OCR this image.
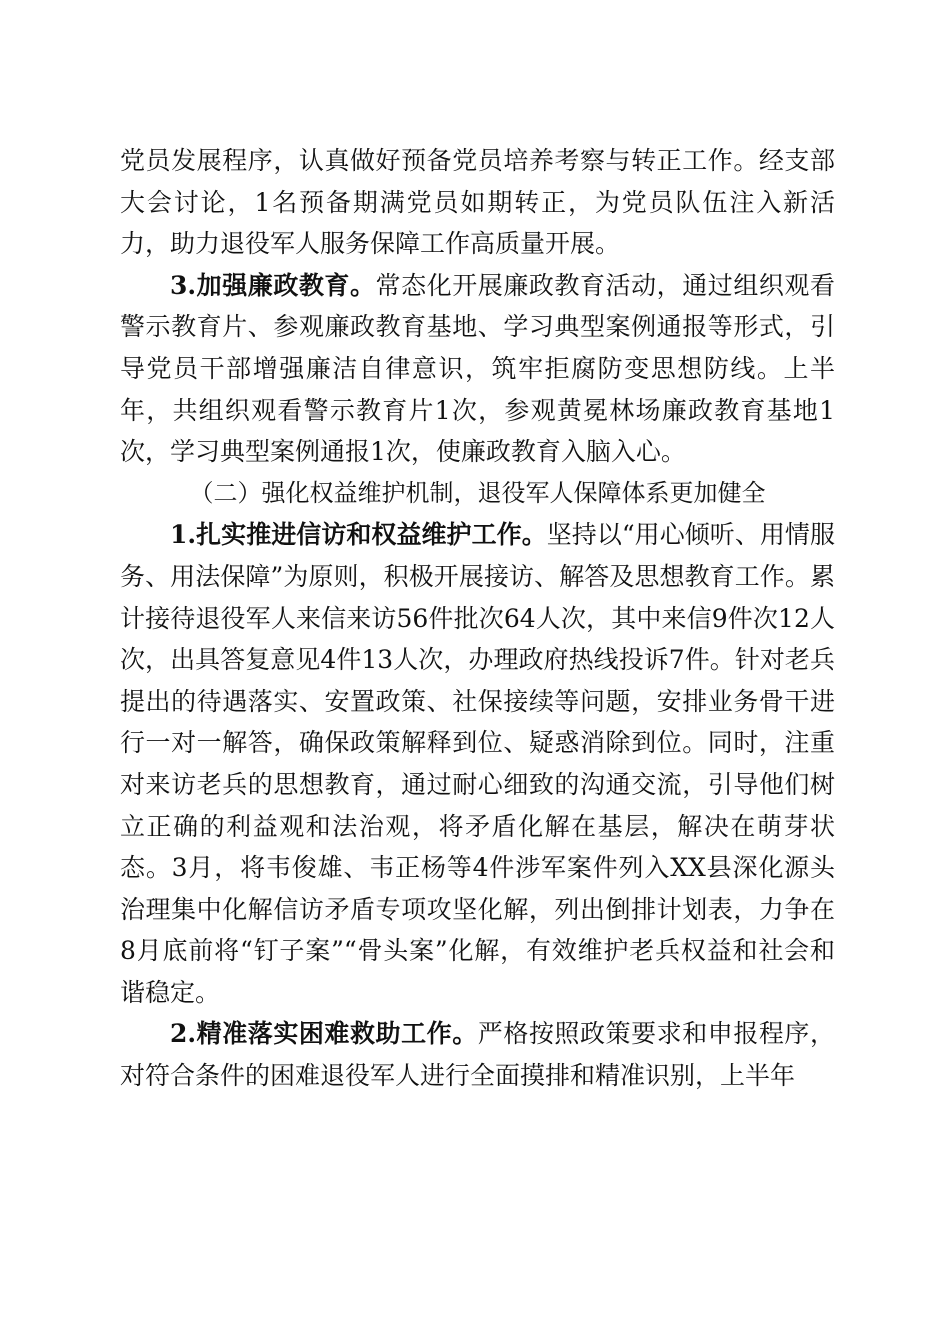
党员发展程序，认真做好预备党员培养考察与转正工作。经支部大会讨论，1名预备期满党员如期转正，为党员队伍注入新活力，助力退役军人服务保障工作高质量开展。

3.加强廉政教育。常态化开展廉政教育活动，通过组织观看警示教育片、参观廉政教育基地、学习典型案例通报等形式，引导党员干部增强廉洁自律意识，筑牢拒腐防变思想防线。上半年，共组织观看警示教育片1次，参观黄冕林场廉政教育基地1次，学习典型案例通报1次，使廉政教育入脑入心。

（二）强化权益维护机制，退役军人保障体系更加健全

1.扎实推进信访和权益维护工作。坚持以“用心倾听、用情服务、用法保障”为原则，积极开展接访、解答及思想教育工作。累计接待退役军人来信来访56件批次64人次，其中来信9件次12人次，出具答复意见4件13人次，办理政府热线投诉7件。针对老兵提出的待遇落实、安置政策、社保接续等问题，安排业务骨干进行一对一解答，确保政策解释到位、疑惑消除到位。同时，注重对来访老兵的思想教育，通过耐心细致的沟通交流，引导他们树立正确的利益观和法治观，将矛盾化解在基层，解决在萌芽状态。3月，将韦俊雄、韦正杨等4件涉军案件列入XX县深化源头治理集中化解信访矛盾专项攻坚化解，列出倒排计划表，力争在8月底前将“钉子案”“骨头案”化解，有效维护老兵权益和社会和谐稳定。

2.精准落实困难救助工作。严格按照政策要求和申报程序，对符合条件的困难退役军人进行全面摸排和精准识别，上半年
